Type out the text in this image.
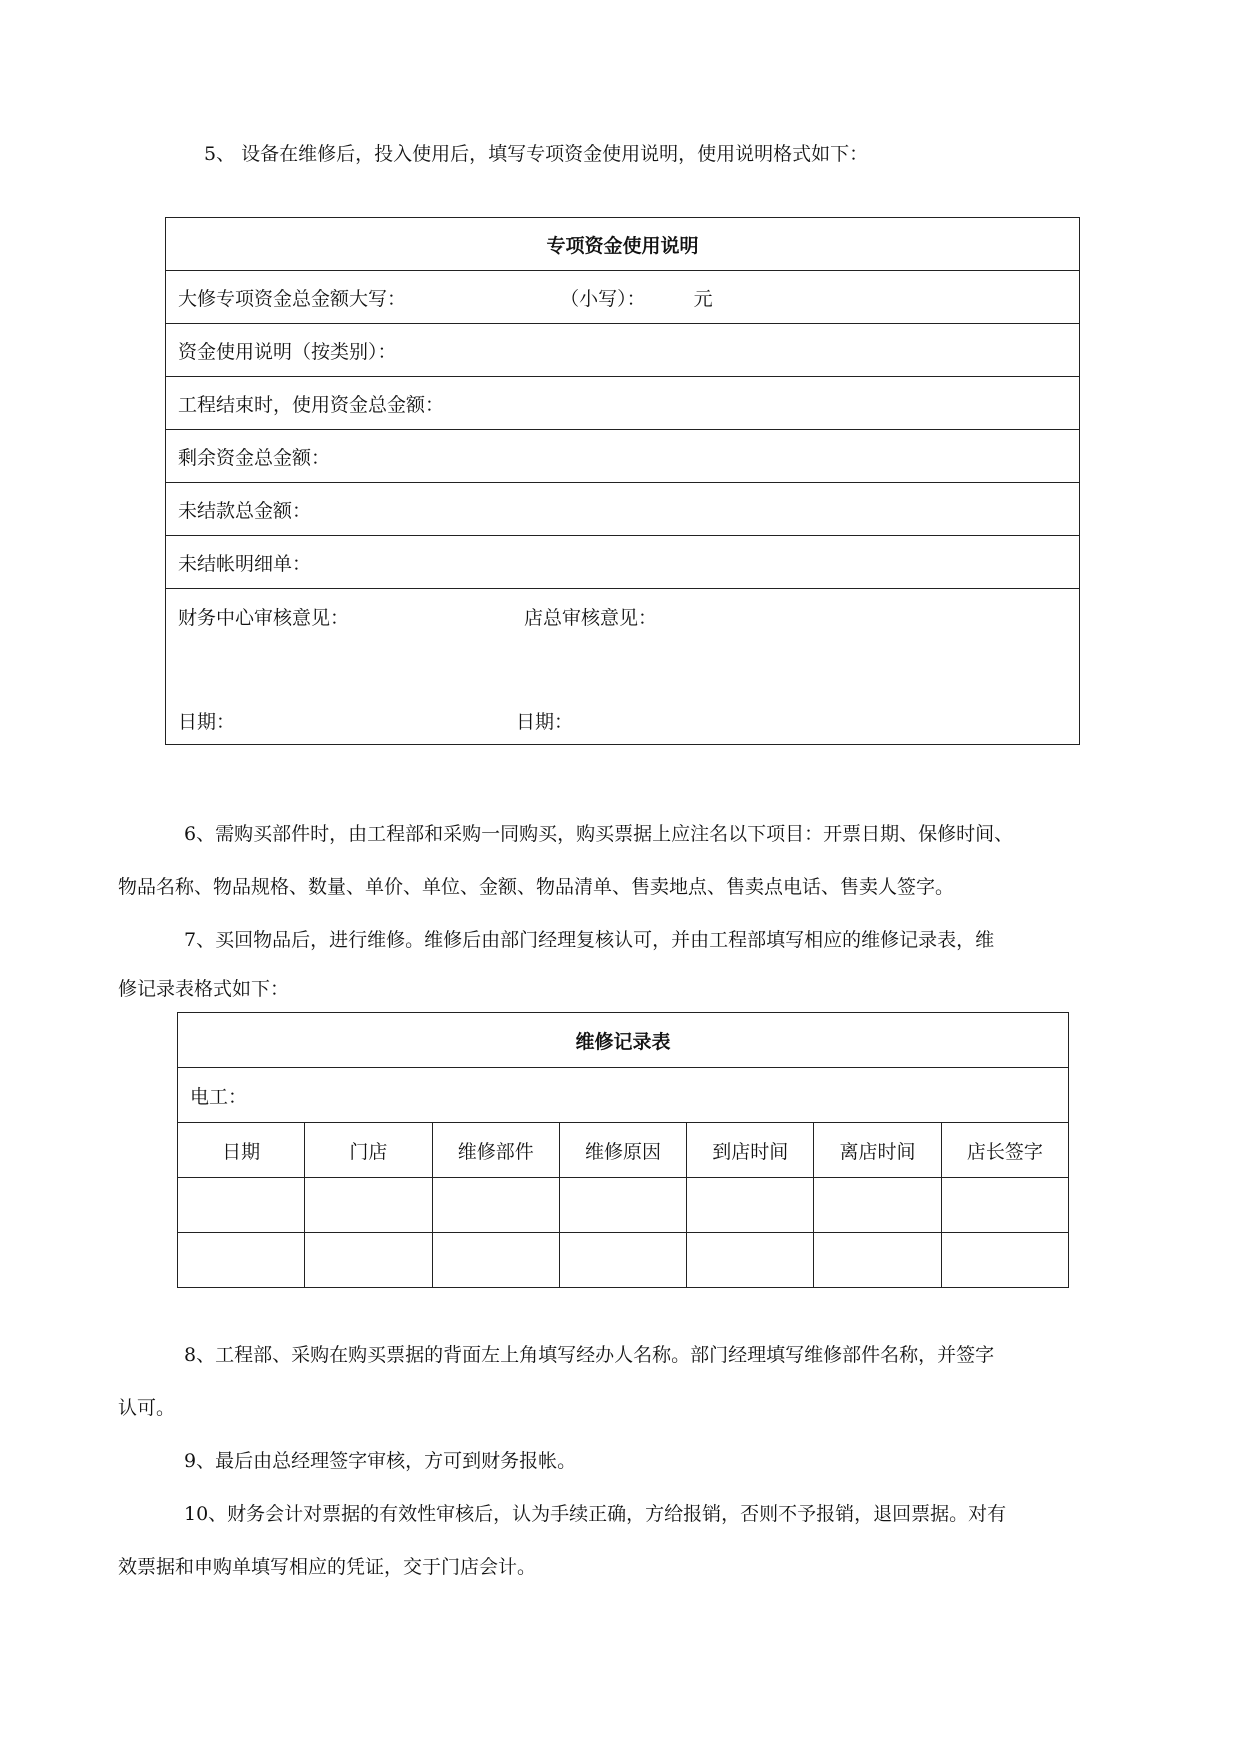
5、 设备在维修后，投入使用后，填写专项资金使用说明，使用说明格式如下：

专项资金使用说明
大修专项资金总金额大写：	（小写）：	元
资金使用说明（按类别）：
工程结束时，使用资金总金额：
剩余资金总金额：
未结款总金额：
未结帐明细单：

财务中心审核意见：	店总审核意见：
日期：	日期：

6、需购买部件时，由工程部和采购一同购买，购买票据上应注名以下项目：开票日期、保修时间、
物品名称、物品规格、数量、单价、单位、金额、物品清单、售卖地点、售卖点电话、售卖人签字。

7、买回物品后，进行维修。维修后由部门经理复核认可，并由工程部填写相应的维修记录表，维
修记录表格式如下：

维修记录表						
电工：						
日期	门店	维修部件	维修原因	到店时间	离店时间	店长签字

8、工程部、采购在购买票据的背面左上角填写经办人名称。部门经理填写维修部件名称，并签字
认可。

9、最后由总经理签字审核，方可到财务报帐。

10、财务会计对票据的有效性审核后，认为手续正确，方给报销，否则不予报销，退回票据。对有
效票据和申购单填写相应的凭证，交于门店会计。
